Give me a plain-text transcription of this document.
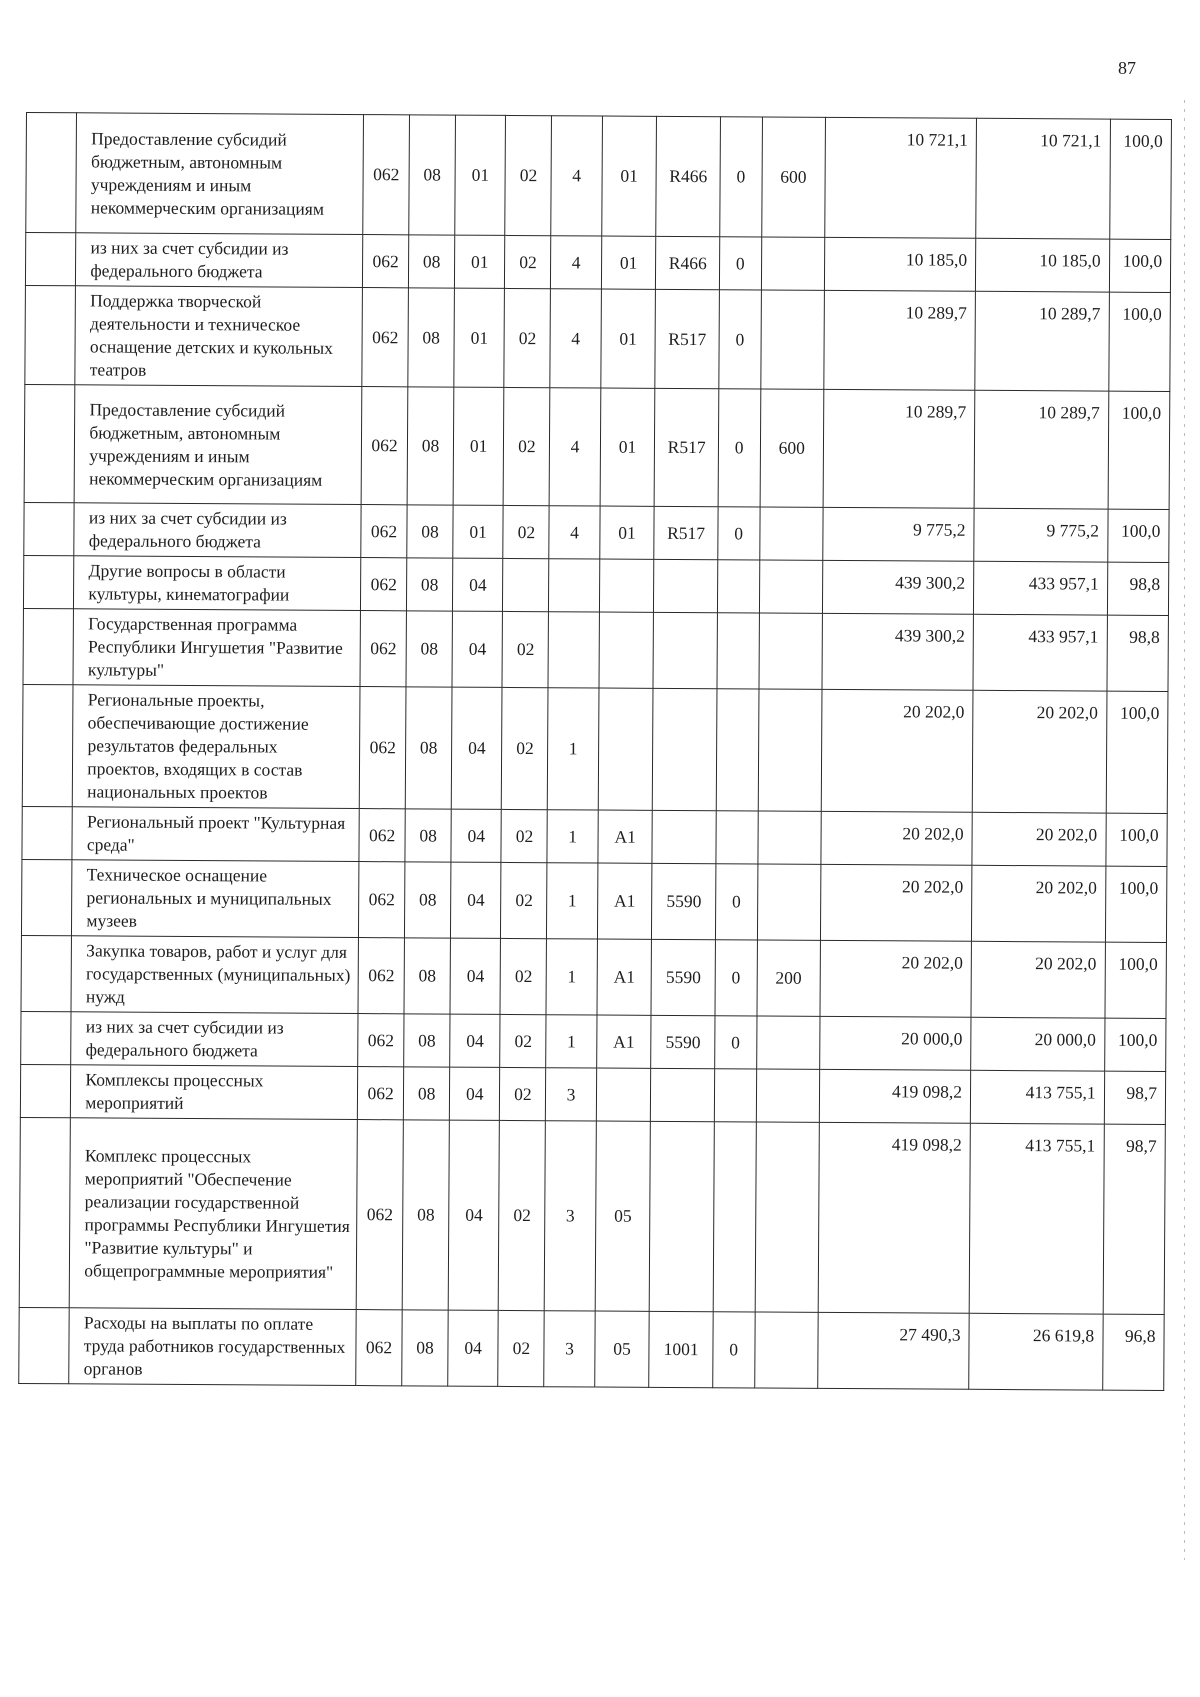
87
	Предоставление субсидий бюджетным, автономным учреждениям и иным некоммерческим организациям	062	08	01	02	4	01	R466	0	600	10 721,1	10 721,1	100,0
	из них за счет субсидии из федерального бюджета	062	08	01	02	4	01	R466	0		10 185,0	10 185,0	100,0
	Поддержка творческой деятельности и техническое оснащение детских и кукольных театров	062	08	01	02	4	01	R517	0		10 289,7	10 289,7	100,0
	Предоставление субсидий бюджетным, автономным учреждениям и иным некоммерческим организациям	062	08	01	02	4	01	R517	0	600	10 289,7	10 289,7	100,0
	из них за счет субсидии из федерального бюджета	062	08	01	02	4	01	R517	0		9 775,2	9 775,2	100,0
	Другие вопросы в области культуры, кинематографии	062	08	04							439 300,2	433 957,1	98,8
	Государственная программа Республики Ингушетия "Развитие культуры"	062	08	04	02						439 300,2	433 957,1	98,8
	Региональные проекты, обеспечивающие достижение результатов федеральных проектов, входящих в состав национальных проектов	062	08	04	02	1					20 202,0	20 202,0	100,0
	Региональный проект "Культурная среда"	062	08	04	02	1	A1				20 202,0	20 202,0	100,0
	Техническое оснащение региональных и муниципальных музеев	062	08	04	02	1	A1	5590	0		20 202,0	20 202,0	100,0
	Закупка товаров, работ и услуг для государственных (муниципальных) нужд	062	08	04	02	1	A1	5590	0	200	20 202,0	20 202,0	100,0
	из них за счет субсидии из федерального бюджета	062	08	04	02	1	A1	5590	0		20 000,0	20 000,0	100,0
	Комплексы процессных мероприятий	062	08	04	02	3					419 098,2	413 755,1	98,7
	Комплекс процессных мероприятий "Обеспечение реализации государственной программы Республики Ингушетия "Развитие культуры" и общепрограммные мероприятия"	062	08	04	02	3	05				419 098,2	413 755,1	98,7
	Расходы на выплаты по оплате труда работников государственных органов	062	08	04	02	3	05	1001	0		27 490,3	26 619,8	96,8
